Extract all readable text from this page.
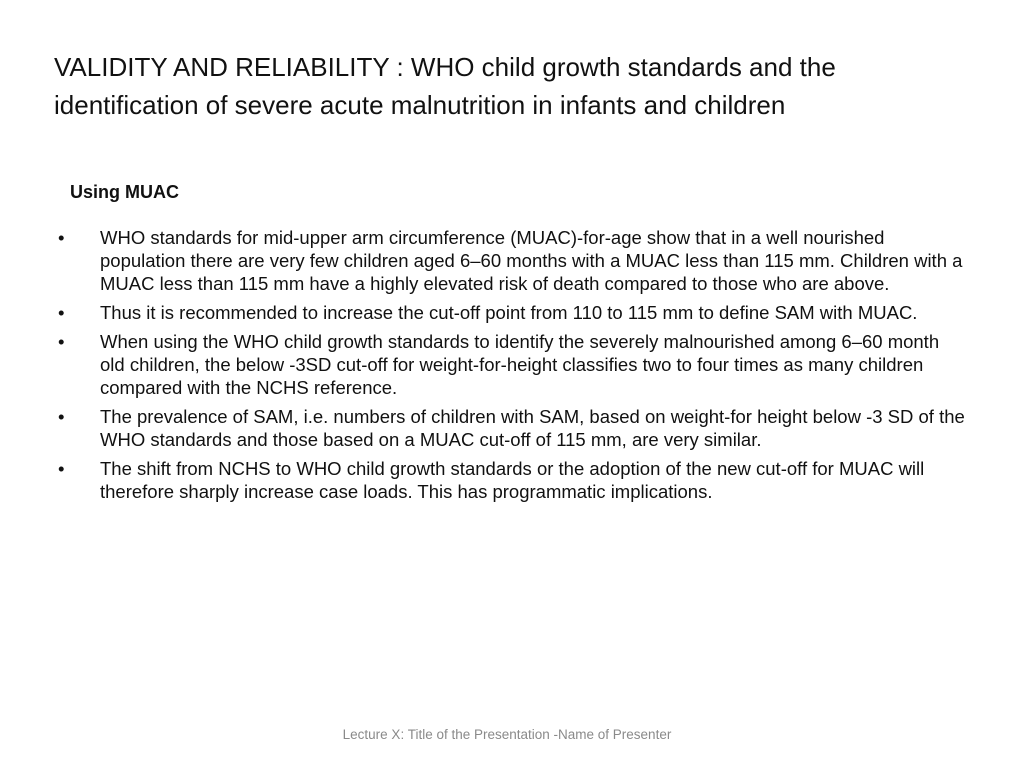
VALIDITY AND RELIABILITY : WHO child growth standards and the identification of severe acute malnutrition in infants and children
Using MUAC
•	WHO standards for mid-upper arm circumference (MUAC)-for-age show that in a well nourished population there are very few children aged 6–60 months with a MUAC less than 115 mm. Children with a MUAC less than 115 mm have a highly elevated risk of death compared to those who are above.
•	Thus it is recommended to increase the cut-off point from 110 to 115 mm to define SAM with MUAC.
•	When using the WHO child growth standards to identify the severely malnourished among 6–60 month old children, the below -3SD cut-off for weight-for-height classifies two to four times as many children compared with the NCHS reference.
•	The prevalence of SAM, i.e. numbers of children with SAM, based on weight-for height below -3 SD of the WHO standards and those based on a MUAC cut-off of 115 mm, are very similar.
•	The shift from NCHS to WHO child growth standards or the adoption of the new cut-off for MUAC will therefore sharply increase case loads. This has programmatic implications.
Lecture X: Title of the Presentation -Name of Presenter
